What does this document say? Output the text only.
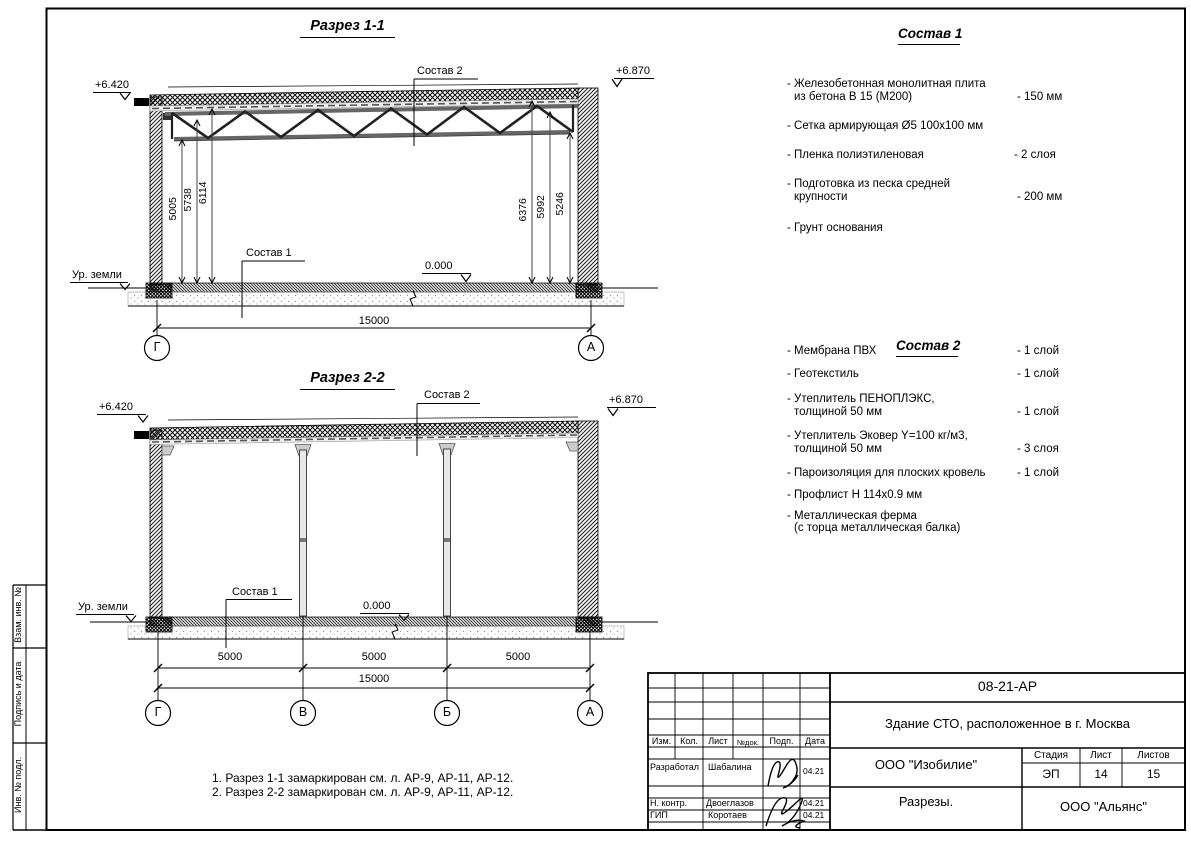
Разрез 1-1
+6.420
+6.870
Состав 2
Состав 1
0.000
Ур. земли
5005 5738 6114
6376 5992 5246
15000
Г	А
Разрез 2-2
+6.420
+6.870
Состав 2
Состав 1
0.000
Ур. земли
5000	5000	5000
15000
Г	В	Б	А
Состав 1
- Железобетонная монолитная плита
из бетона В 15 (М200)	- 150 мм
- Сетка армирующая Ø5 100x100 мм
- Пленка полиэтиленовая	- 2 слоя
- Подготовка из песка средней
крупности	- 200 мм
- Грунт основания
Состав 2
- Мембрана ПВХ	- 1 слой
- Геотекстиль	- 1 слой
- Утеплитель ПЕНОПЛЭКС,
толщиной 50 мм	- 1 слой
- Утеплитель Эковер Y=100 кг/м3,
толщиной 50 мм	- 3 слоя
- Пароизоляция для плоских кровель	- 1 слой
- Профлист Н 114x0.9 мм
- Металлическая ферма
(с торца металлическая балка)
1. Разрез 1-1 замаркирован см. л. АР-9, АР-11, АР-12.
2. Разрез 2-2 замаркирован см. л. АР-9, АР-11, АР-12.
Взам. инв. №
Подпись и дата
Инв. № подл.
08-21-АР
Здание СТО, расположенное в г. Москва
ООО "Изобилие"
Разрезы.	ООО "Альянс"
Изм. Кол.	Лист	№док.	Подп.	Дата
Разработал Шабалина	04.21
Н. контр. Двоеглазов	04.21
ГИП	Коротаев	04.21
Стадия	Лист	Листов
ЭП	14	15
